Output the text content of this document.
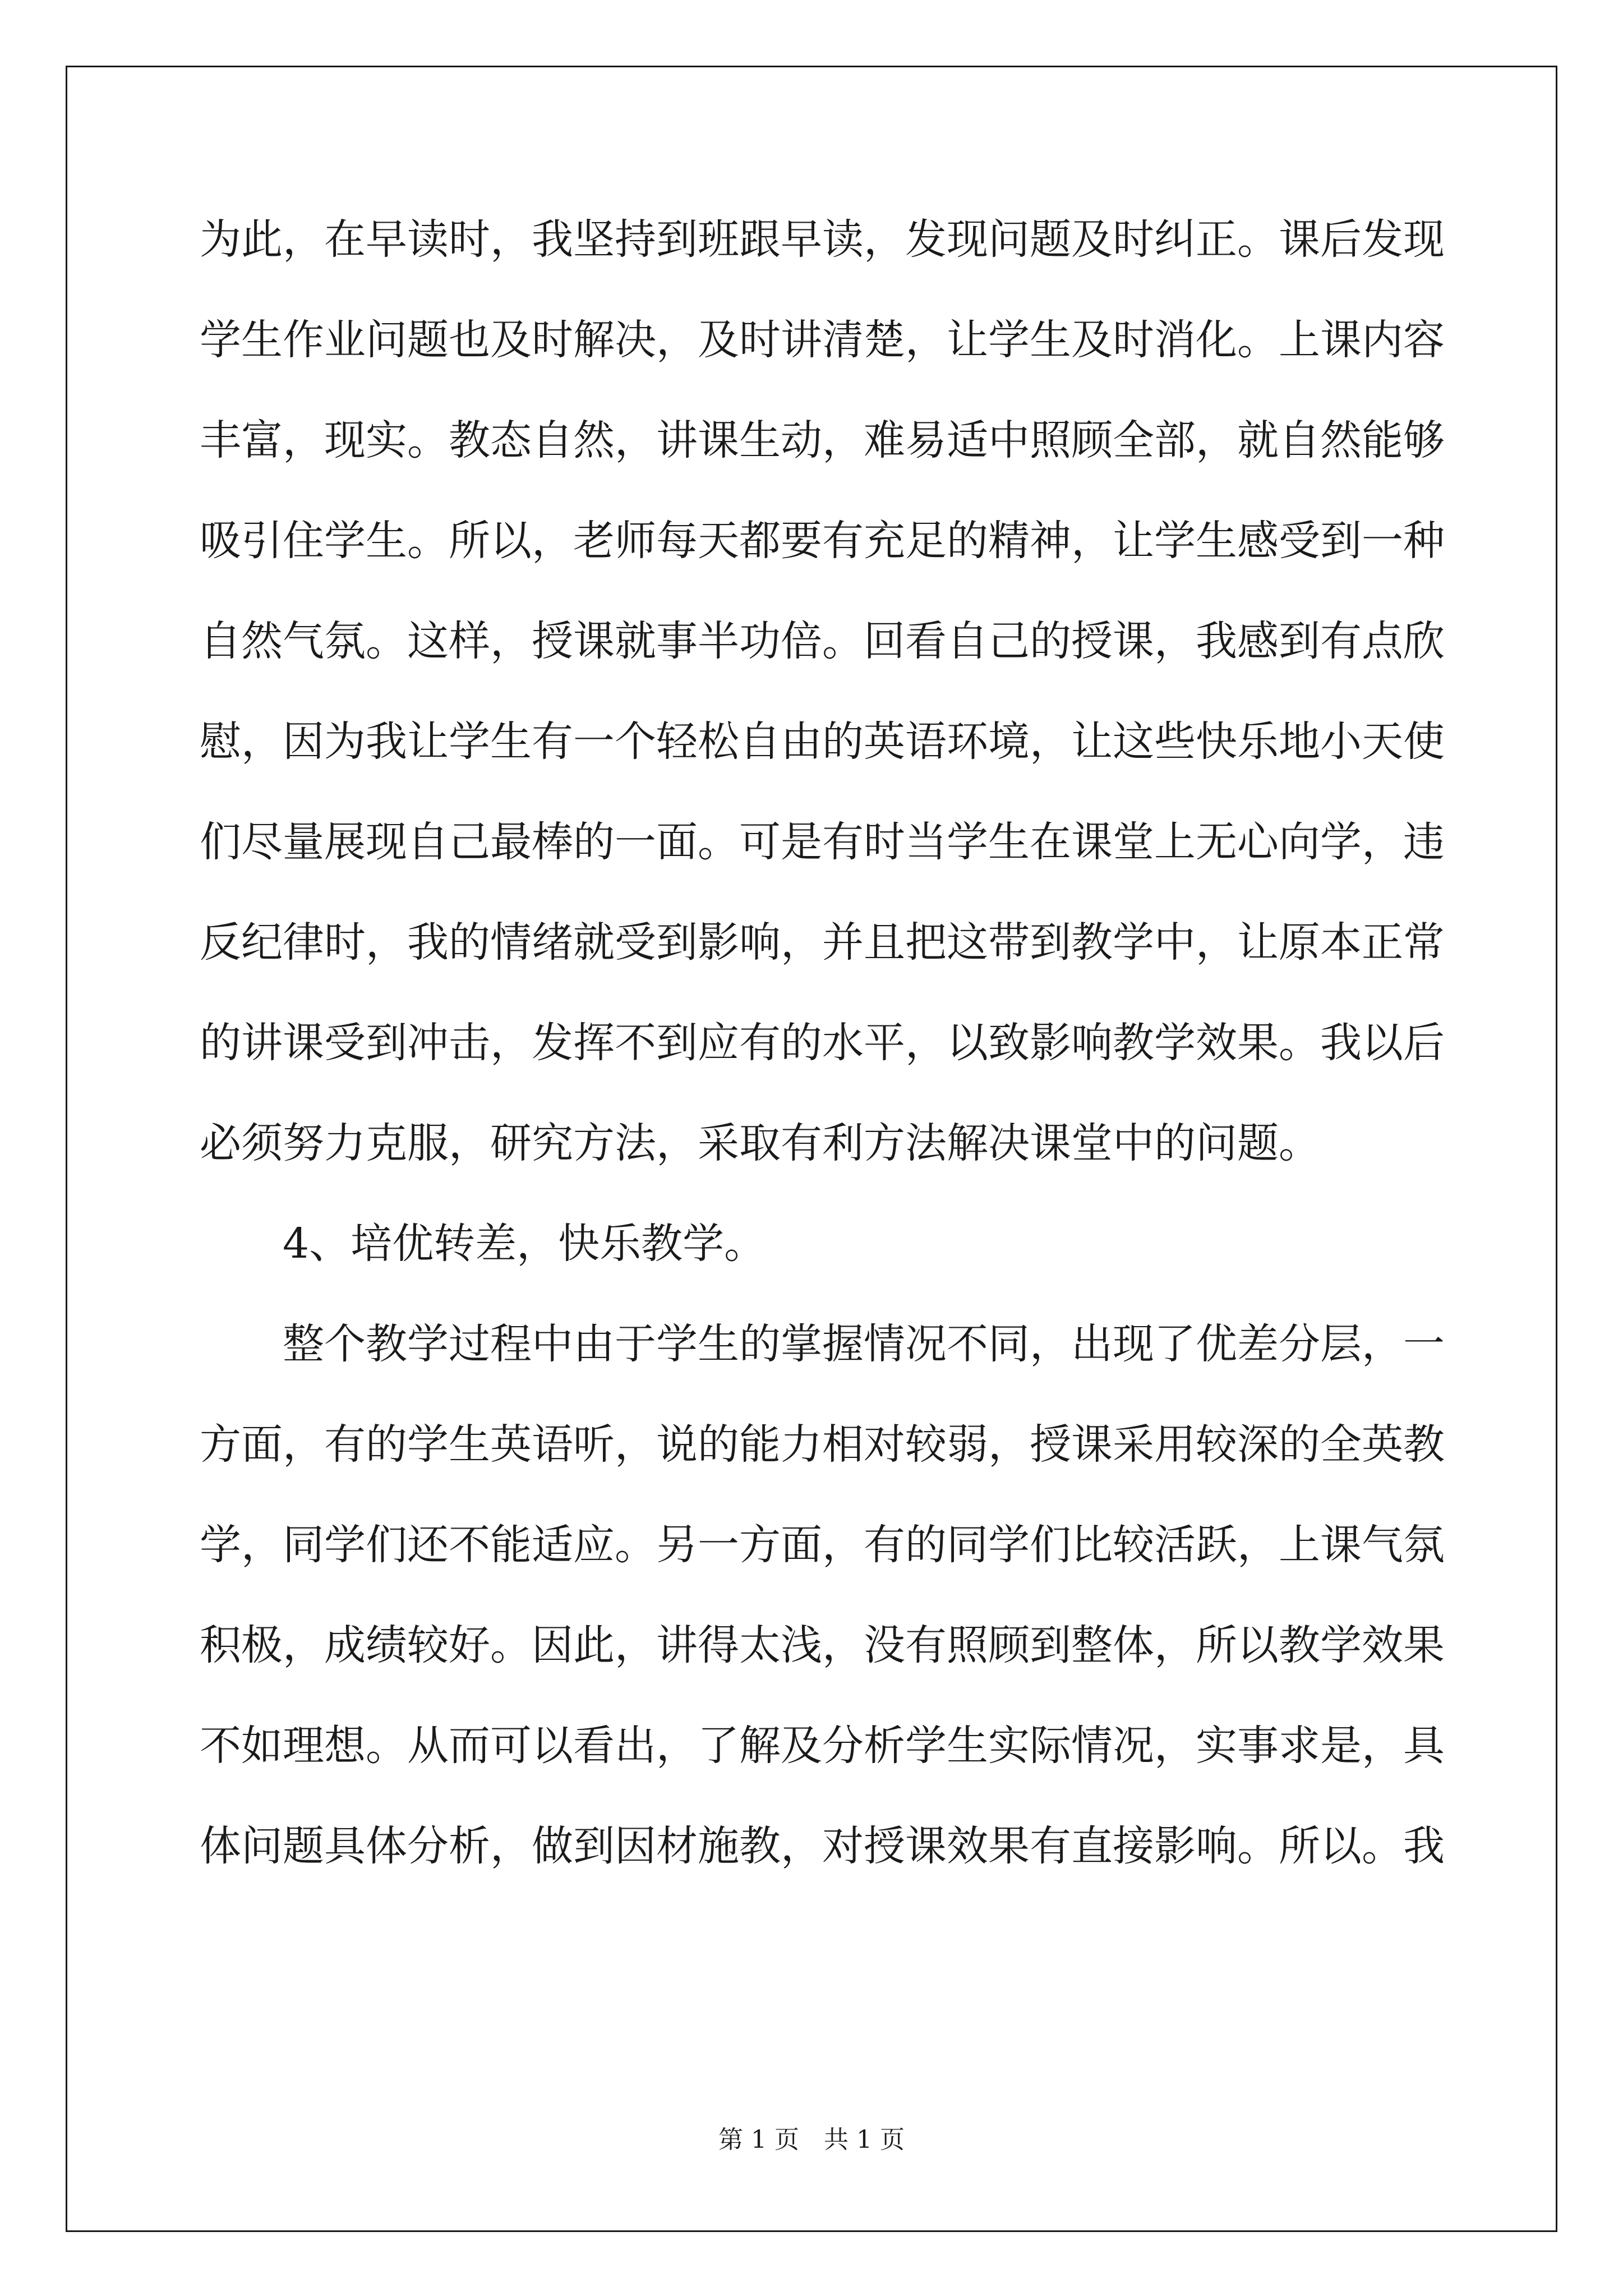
为此，在早读时，我坚持到班跟早读，发现问题及时纠正。课后发现
学生作业问题也及时解决，及时讲清楚，让学生及时消化。上课内容
丰富，现实。教态自然，讲课生动，难易适中照顾全部，就自然能够
吸引住学生。所以，老师每天都要有充足的精神，让学生感受到一种
自然气氛。这样，授课就事半功倍。回看自己的授课，我感到有点欣
慰，因为我让学生有一个轻松自由的英语环境，让这些快乐地小天使
们尽量展现自己最棒的一面。可是有时当学生在课堂上无心向学，违
反纪律时，我的情绪就受到影响，并且把这带到教学中，让原本正常
的讲课受到冲击，发挥不到应有的水平，以致影响教学效果。我以后
必须努力克服，研究方法，采取有利方法解决课堂中的问题。
4、培优转差，快乐教学。
整个教学过程中由于学生的掌握情况不同，出现了优差分层，一
方面，有的学生英语听，说的能力相对较弱，授课采用较深的全英教
学，同学们还不能适应。另一方面，有的同学们比较活跃，上课气氛
积极，成绩较好。因此，讲得太浅，没有照顾到整体，所以教学效果
不如理想。从而可以看出，了解及分析学生实际情况，实事求是，具
体问题具体分析，做到因材施教，对授课效果有直接影响。所以。我
第 1 页　共 1 页
